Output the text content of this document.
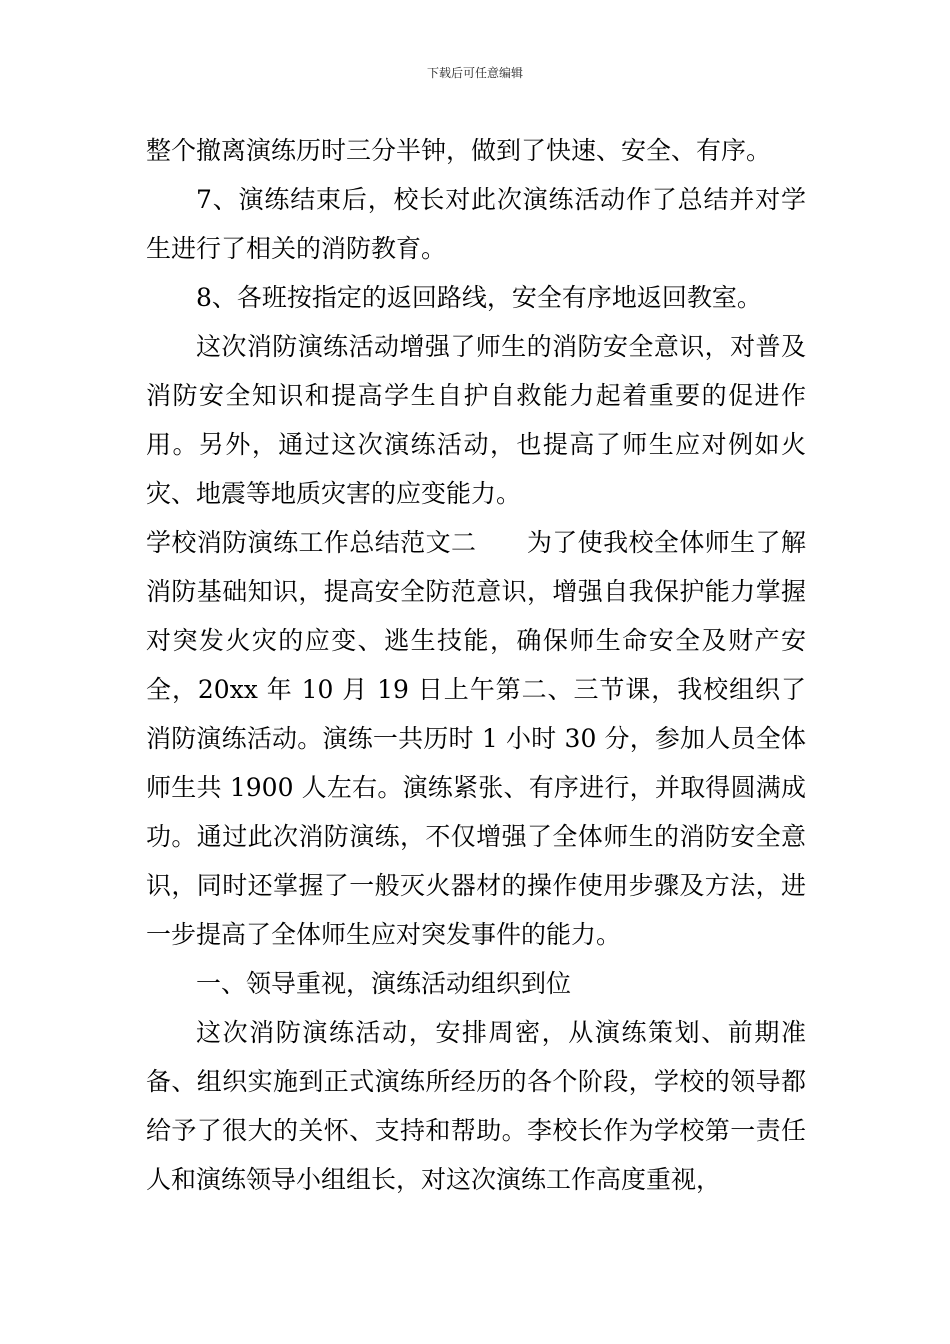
下载后可任意编辑

整个撤离演练历时三分半钟，做到了快速、安全、有序。

7、演练结束后，校长对此次演练活动作了总结并对学生进行了相关的消防教育。

8、各班按指定的返回路线，安全有序地返回教室。

这次消防演练活动增强了师生的消防安全意识，对普及消防安全知识和提高学生自护自救能力起着重要的促进作用。另外，通过这次演练活动，也提高了师生应对例如火灾、地震等地质灾害的应变能力。

学校消防演练工作总结范文二 为了使我校全体师生了解消防基础知识，提高安全防范意识，增强自我保护能力掌握对突发火灾的应变、逃生技能，确保师生命安全及财产安全，20xx 年 10 月 19 日上午第二、三节课，我校组织了消防演练活动。演练一共历时 1 小时 30 分，参加人员全体师生共 1900 人左右。演练紧张、有序进行，并取得圆满成功。通过此次消防演练，不仅增强了全体师生的消防安全意识，同时还掌握了一般灭火器材的操作使用步骤及方法，进一步提高了全体师生应对突发事件的能力。

一、领导重视，演练活动组织到位

这次消防演练活动，安排周密，从演练策划、前期准备、组织实施到正式演练所经历的各个阶段，学校的领导都给予了很大的关怀、支持和帮助。李校长作为学校第一责任人和演练领导小组组长，对这次演练工作高度重视，
